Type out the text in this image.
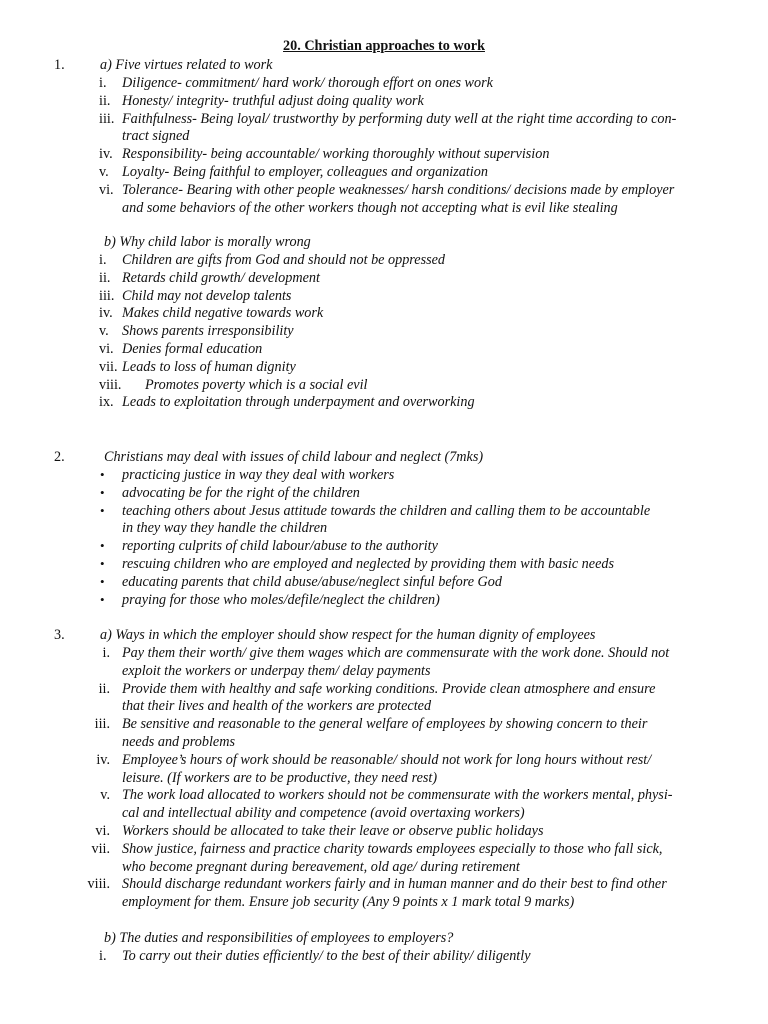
20. Christian approaches to work
1. a) Five virtues related to work
i. Diligence- commitment/ hard work/ thorough effort on ones work
ii. Honesty/ integrity- truthful adjust doing quality work
iii. Faithfulness- Being loyal/ trustworthy by performing duty well at the right time according to con-
tract signed
iv. Responsibility- being accountable/ working thoroughly without supervision
v. Loyalty- Being faithful to employer, colleagues and organization
vi. Tolerance- Bearing with other people weaknesses/ harsh conditions/ decisions made by employer
and some behaviors of the other workers though not accepting what is evil like stealing
b) Why child labor is morally wrong
i. Children are gifts from God and should not be oppressed
ii. Retards child growth/ development
iii. Child may not develop talents
iv. Makes child negative towards work
v. Shows parents irresponsibility
vi. Denies formal education
vii. Leads to loss of human dignity
viii. Promotes poverty which is a social evil
ix. Leads to exploitation through underpayment and overworking
2.	Christians may deal with issues of child labour and neglect (7mks)
• practicing justice in way they deal with workers
• advocating be for the right of the children
• teaching others about Jesus attitude towards the children and calling them to be accountable
in they way they handle the children
• reporting culprits of child labour/abuse to the authority
• rescuing children who are employed and neglected by providing them with basic needs
• educating parents that child abuse/abuse/neglect sinful before God
• praying for those who moles/defile/neglect the children)
3. a) Ways in which the employer should show respect for the human dignity of employees
i. Pay them their worth/ give them wages which are commensurate with the work done. Should not
exploit the workers or underpay them/ delay payments
ii. Provide them with healthy and safe working conditions. Provide clean atmosphere and ensure
that their lives and health of the workers are protected
iii. Be sensitive and reasonable to the general welfare of employees by showing concern to their
needs and problems
iv. Employee’s hours of work should be reasonable/ should not work for long hours without rest/
leisure. (If workers are to be productive, they need rest)
v. The work load allocated to workers should not be commensurate with the workers mental, physi-
cal and intellectual ability and competence (avoid overtaxing workers)
vi. Workers should be allocated to take their leave or observe public holidays
vii. Show justice, fairness and practice charity towards employees especially to those who fall sick,
who become pregnant during bereavement, old age/ during retirement
viii. Should discharge redundant workers fairly and in human manner and do their best to find other
employment for them. Ensure job security (Any 9 points x 1 mark total 9 marks)
b) The duties and responsibilities of employees to employers?
i. To carry out their duties efficiently/ to the best of their ability/ diligently
